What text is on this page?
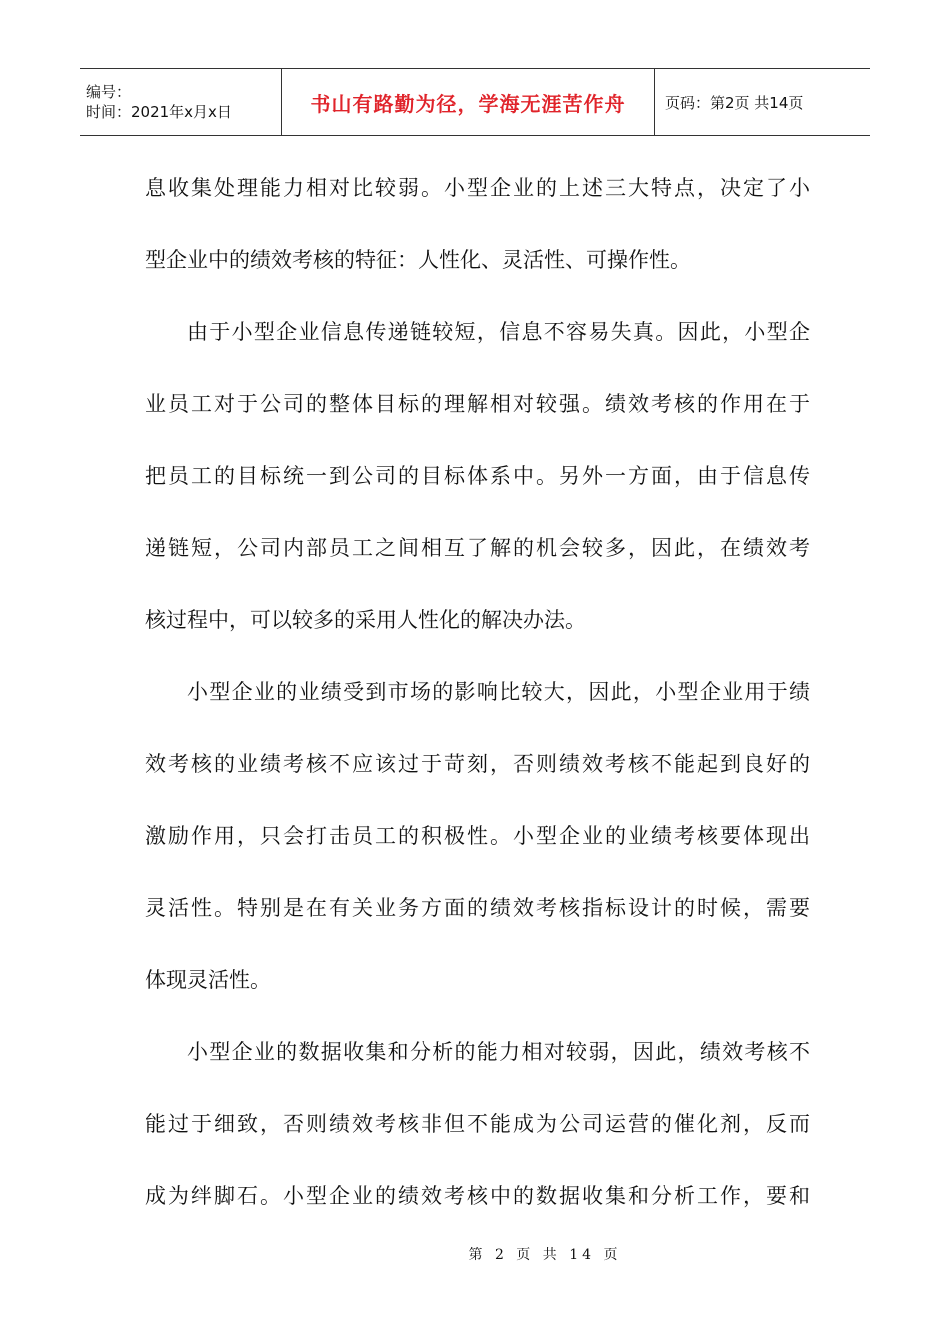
编号：
时间：2021年x月x日	书山有路勤为径，学海无涯苦作舟	页码：第2页 共14页
息收集处理能力相对比较弱。小型企业的上述三大特点，决定了小
型企业中的绩效考核的特征：人性化、灵活性、可操作性。
由于小型企业信息传递链较短，信息不容易失真。因此，小型企
业员工对于公司的整体目标的理解相对较强。绩效考核的作用在于
把员工的目标统一到公司的目标体系中。另外一方面，由于信息传
递链短，公司内部员工之间相互了解的机会较多，因此，在绩效考
核过程中，可以较多的采用人性化的解决办法。
小型企业的业绩受到市场的影响比较大，因此，小型企业用于绩
效考核的业绩考核不应该过于苛刻，否则绩效考核不能起到良好的
激励作用，只会打击员工的积极性。小型企业的业绩考核要体现出
灵活性。特别是在有关业务方面的绩效考核指标设计的时候，需要
体现灵活性。
小型企业的数据收集和分析的能力相对较弱，因此，绩效考核不
能过于细致，否则绩效考核非但不能成为公司运营的催化剂，反而
成为绊脚石。小型企业的绩效考核中的数据收集和分析工作，要和
第 2 页 共 14 页
